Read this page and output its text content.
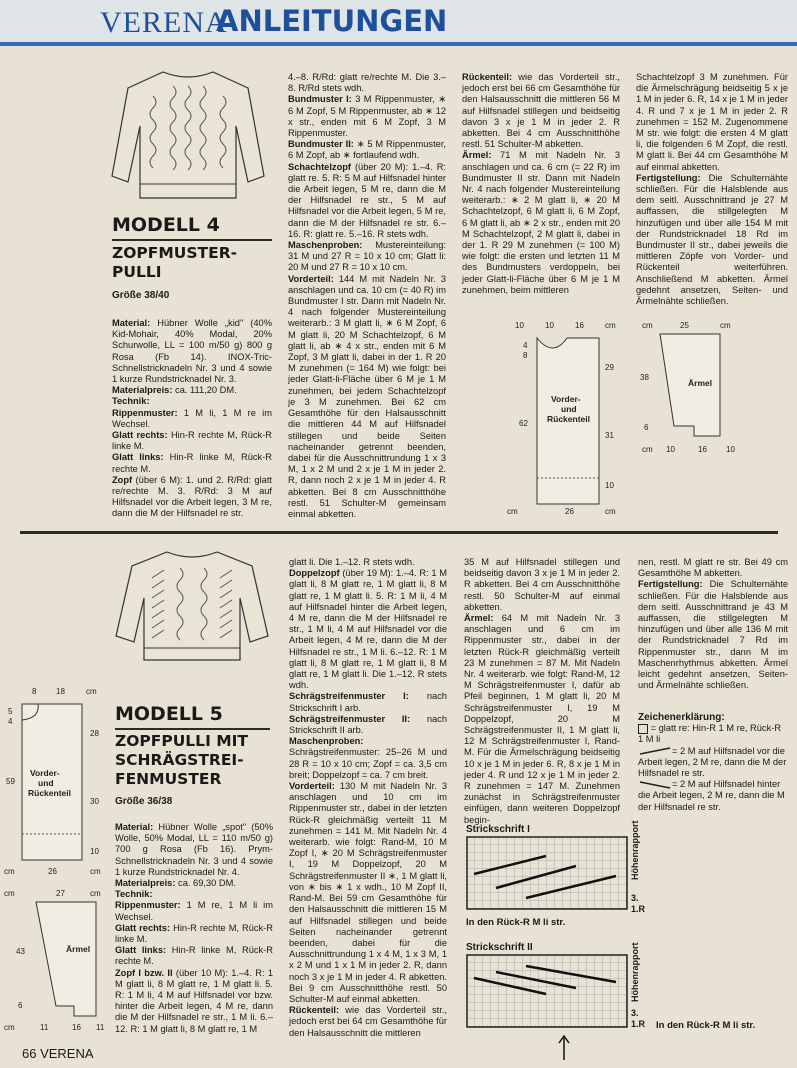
VERENA
ANLEITUNGEN
MODELL 4
ZOPFMUSTER-
PULLI
Größe 38/40

Material: Hübner Wolle „kid" (40% Kid-Mohair, 40% Modal, 20% Schurwolle, LL = 100 m/50 g) 800 g Rosa (Fb 14). INOX-Tric-Schnellstricknadeln Nr. 3 und 4 sowie 1 kurze Rundstricknadel Nr. 3.

Materialpreis: ca. 111,20 DM.

Technik:

Rippenmuster: 1 M li, 1 M re im Wechsel.

Glatt rechts: Hin-R rechte M, Rück-R linke M.

Glatt links: Hin-R linke M, Rück-R rechte M.

Zopf (über 6 M): 1. und 2. R/Rd: glatt re/rechte M. 3. R/Rd: 3 M auf Hilfsnadel vor die Arbeit legen, 3 M re, dann die M der Hilfsnadel re str.

4.–8. R/Rd: glatt re/rechte M. Die 3.–8. R/Rd stets wdh.

Bundmuster I: 3 M Rippenmuster, ∗ 6 M Zopf, 5 M Rippenmuster, ab ∗ 12 x str., enden mit 6 M Zopf, 3 M Rippenmuster.

Bundmuster II: ∗ 5 M Rippenmuster, 6 M Zopf, ab ∗ fortlaufend wdh.

Schachtelzopf (über 20 M): 1.–4. R: glatt re. 5. R: 5 M auf Hilfsnadel hinter die Arbeit legen, 5 M re, dann die M der Hilfsnadel re str., 5 M auf Hilfsnadel vor die Arbeit legen, 5 M re, dann die M der Hilfsnadel re str. 6.–16. R: glatt re. 5.–16. R stets wdh.

Maschenproben: Mustereinteilung: 31 M und 27 R = 10 x 10 cm; Glatt li: 20 M und 27 R = 10 x 10 cm.

Vorderteil: 144 M mit Nadeln Nr. 3 anschlagen und ca. 10 cm (= 40 R) im Bundmuster I str. Dann mit Nadeln Nr. 4 nach folgender Mustereinteilung weiterarb.: 3 M glatt li, ∗ 6 M Zopf, 6 M glatt li, 20 M Schachtelzopf, 6 M glatt li, ab ∗ 4 x str., enden mit 6 M Zopf, 3 M glatt li, dabei in der 1. R 20 M zunehmen (= 164 M) wie folgt: bei jeder Glatt-li-Fläche über 6 M je 1 M zunehmen, bei jedem Schachtelzopf je 3 M zunehmen. Bei 62 cm Gesamthöhe für den Halsausschnitt die mittleren 44 M auf Hilfsnadel stillegen und beide Seiten nacheinander getrennt beenden, dabei für die Ausschnittrundung 1 x 3 M, 1 x 2 M und 2 x je 1 M in jeder 2. R, dann noch 2 x je 1 M in jeder 4. R abketten. Bei 8 cm Ausschnitthöhe restl. 51 Schulter-M gemeinsam einmal abketten.

Rückenteil: wie das Vorderteil str., jedoch erst bei 66 cm Gesamthöhe für den Halsausschnitt die mittleren 56 M auf Hilfsnadel stillegen und beidseitig davon 3 x je 1 M in jeder 2. R abketten. Bei 4 cm Ausschnitthöhe restl. 51 Schulter-M abketten.

Ärmel: 71 M mit Nadeln Nr. 3 anschlagen und ca. 6 cm (= 22 R) im Bundmuster II str. Dann mit Nadeln Nr. 4 nach folgender Mustereinteilung weiterarb.: ∗ 2 M glatt li, ∗ 20 M Schachtelzopf, 6 M glatt li, 6 M Zopf, 6 M glatt li, ab ∗ 2 x str., enden mit 20 M Schachtelzopf, 2 M glatt li, dabei in der 1. R 29 M zunehmen (= 100 M) wie folgt: die ersten und letzten 11 M des Bundmusters verdoppeln, bei jeder Glatt-li-Fläche über 6 M je 1 M zunehmen, beim mittleren

Schachtelzopf 3 M zunehmen. Für die Ärmelschrägung beidseitig 5 x je 1 M in jeder 6. R, 14 x je 1 M in jeder 4. R und 7 x je 1 M in jeder 2. R zunehmen = 152 M. Zugenommene M str. wie folgt: die ersten 4 M glatt li, die folgenden 6 M Zopf, die restl. M glatt li. Bei 44 cm Gesamthöhe M auf einmal abketten.

Fertigstellung: Die Schulternähte schließen. Für die Halsblende aus dem seitl. Ausschnittrand je 27 M auffassen, die stillgelegten M hinzufügen und über alle 154 M mit der Rundstricknadel 18 Rd im Bundmuster II str., dabei jeweils die mittleren Zöpfe von Vorder- und Rückenteil weiterführen. Anschließend M abketten. Ärmel gedehnt ansetzen, Seiten- und Ärmelnähte schließen.

10	10	16	cm
29
31
10
62
4
8
26
cm	cm
Vorder-
und
Rückenteil
cm	25	cm
38
6
cm 10	16 10
Ärmel
MODELL 5
ZOPFPULLI MIT
SCHRÄGSTREI-
FENMUSTER
Größe 36/38

Material: Hübner Wolle „spot" (50% Wolle, 50% Modal, LL = 110 m/50 g) 700 g Rosa (Fb 16). Prym-Schnellstricknadeln Nr. 3 und 4 sowie 1 kurze Rundstricknadel Nr. 4.

Materialpreis: ca. 69,30 DM.

Technik:

Rippenmuster: 1 M re, 1 M li im Wechsel.

Glatt rechts: Hin-R rechte M, Rück-R linke M.

Glatt links: Hin-R linke M, Rück-R rechte M.

Zopf I bzw. II (über 10 M): 1.–4. R: 1 M glatt li, 8 M glatt re, 1 M glatt li. 5. R: 1 M li, 4 M auf Hilfsnadel vor bzw. hinter die Arbeit legen, 4 M re, dann die M der Hilfsnadel re str., 1 M li. 6.–12. R: 1 M glatt li, 8 M glatt re, 1 M

glatt li. Die 1.–12. R stets wdh.

Doppelzopf (über 19 M): 1.–4. R: 1 M glatt li, 8 M glatt re, 1 M glatt li, 8 M glatt re, 1 M glatt li. 5. R: 1 M li, 4 M auf Hilfsnadel hinter die Arbeit legen, 4 M re, dann die M der Hilfsnadel re str., 1 M li, 4 M auf Hilfsnadel vor die Arbeit legen, 4 M re, dann die M der Hilfsnadel re str., 1 M li. 6.–12. R: 1 M glatt li, 8 M glatt re, 1 M glatt li, 8 M glatt re, 1 M glatt li. Die 1.–12. R stets wdh.

Schrägstreifenmuster I: nach Strickschrift I arb.

Schrägstreifenmuster II: nach Strickschrift II arb.

Maschenproben: Schrägstreifenmuster: 25–26 M und 28 R = 10 x 10 cm; Zopf = ca. 3,5 cm breit; Doppelzopf = ca. 7 cm breit.

Vorderteil: 130 M mit Nadeln Nr. 3 anschlagen und 10 cm im Rippenmuster str., dabei in der letzten Rück-R gleichmäßig verteilt 11 M zunehmen = 141 M. Mit Nadeln Nr. 4 weiterarb. wie folgt: Rand-M, 10 M Zopf I, ∗ 20 M Schrägstreifenmuster I, 19 M Doppelzopf, 20 M Schrägstreifenmuster II ∗, 1 M glatt li, von ∗ bis ∗ 1 x wdh., 10 M Zopf II, Rand-M. Bei 59 cm Gesamthöhe für den Halsausschnitt die mittleren 15 M auf Hilfsnadel stillegen und beide Seiten nacheinander getrennt beenden, dabei für die Ausschnittrundung 1 x 4 M, 1 x 3 M, 1 x 2 M und 1 x 1 M in jeder 2. R, dann noch 3 x je 1 M in jeder 4. R abketten. Bei 9 cm Ausschnitthöhe restl. 50 Schulter-M auf einmal abketten.

Rückenteil: wie das Vorderteil str., jedoch erst bei 64 cm Gesamthöhe für den Halsausschnitt die mittleren

35 M auf Hilfsnadel stillegen und beidseitig davon 3 x je 1 M in jeder 2. R abketten. Bei 4 cm Ausschnitthöhe restl. 50 Schulter-M auf einmal abketten.

Ärmel: 64 M mit Nadeln Nr. 3 anschlagen und 6 cm im Rippenmuster str., dabei in der letzten Rück-R gleichmäßig verteilt 23 M zunehmen = 87 M. Mit Nadeln Nr. 4 weiterarb. wie folgt: Rand-M, 12 M Schrägstreifenmuster I, dafür ab Pfeil beginnen, 1 M glatt li, 20 M Schrägstreifenmuster I, 19 M Doppelzopf, 20 M Schrägstreifenmuster II, 1 M glatt li, 12 M Schrägstreifenmuster I, Rand-M. Für die Ärmelschrägung beidseitig 10 x je 1 M in jeder 6. R, 8 x je 1 M in jeder 4. R und 12 x je 1 M in jeder 2. R zunehmen = 147 M. Zunehmen zunächst in Schrägstreifenmuster einfügen, dann weiteren Doppelzopf begin-

nen, restl. M glatt re str. Bei 49 cm Gesamthöhe M abketten.

Fertigstellung: Die Schulternähte schließen. Für die Halsblende aus dem seitl. Ausschnittrand je 43 M auffassen, die stillgelegten M hinzufügen und über alle 136 M mit der Rundstricknadel 7 Rd im Rippenmuster str., dann M im Maschenrhythmus abketten. Ärmel leicht gedehnt ansetzen, Seiten- und Ärmelnähte schließen.

Zeichenerklärung:
= glatt re: Hin-R 1 M re, Rück-R 1 M li
= 2 M auf Hilfsnadel vor die Arbeit legen, 2 M re, dann die M der Hilfsnadel re str.
= 2 M auf Hilfsnadel hinter die Arbeit legen, 2 M re, dann die M der Hilfsnadel re str.
Strickschrift I
3.
1.R
Höhenrapport
In den Rück-R M li str.
Strickschrift II
3.
1.R
Höhenrapport
In den Rück-R M li str.
8 18	cm
5
4
28
59
30
10
26
cm	cm
Vorder-
und
Rückenteil
cm	27	cm
43
6
cm	11	16 11
Ärmel
66 VERENA
